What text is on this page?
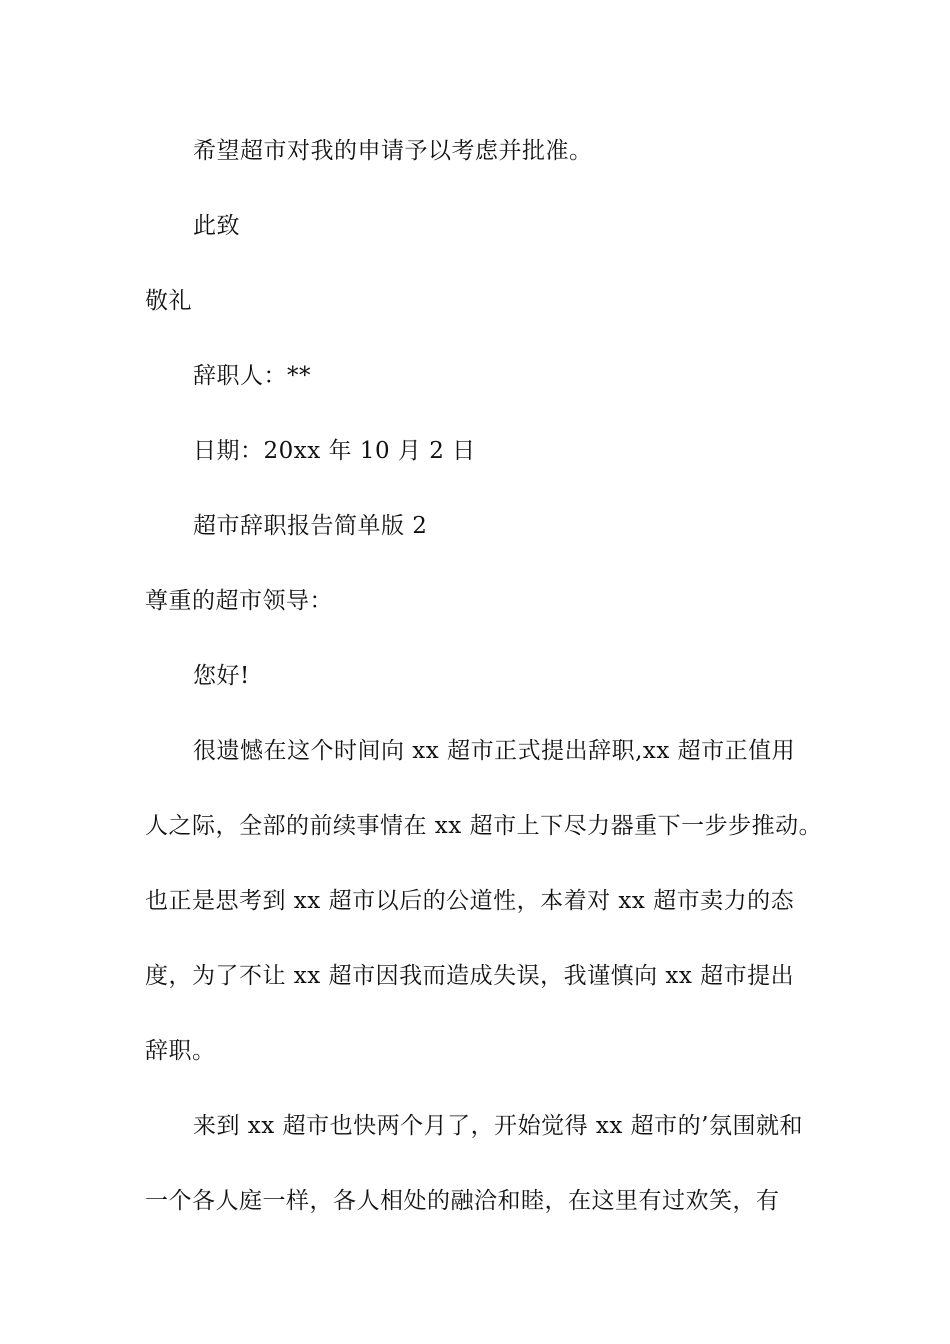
希望超市对我的申请予以考虑并批准。
此致
敬礼
辞职人：**
日期：20xx 年 10 月 2 日
超市辞职报告简单版 2
尊重的超市领导：
您好!
很遗憾在这个时间向 xx 超市正式提出辞职,xx 超市正值用
人之际，全部的前续事情在 xx 超市上下尽力器重下一步步推动。
也正是思考到 xx 超市以后的公道性，本着对 xx 超市卖力的态
度，为了不让 xx 超市因我而造成失误，我谨慎向 xx 超市提出
辞职。
来到 xx 超市也快两个月了，开始觉得 xx 超市的’氛围就和
一个各人庭一样，各人相处的融洽和睦，在这里有过欢笑，有
